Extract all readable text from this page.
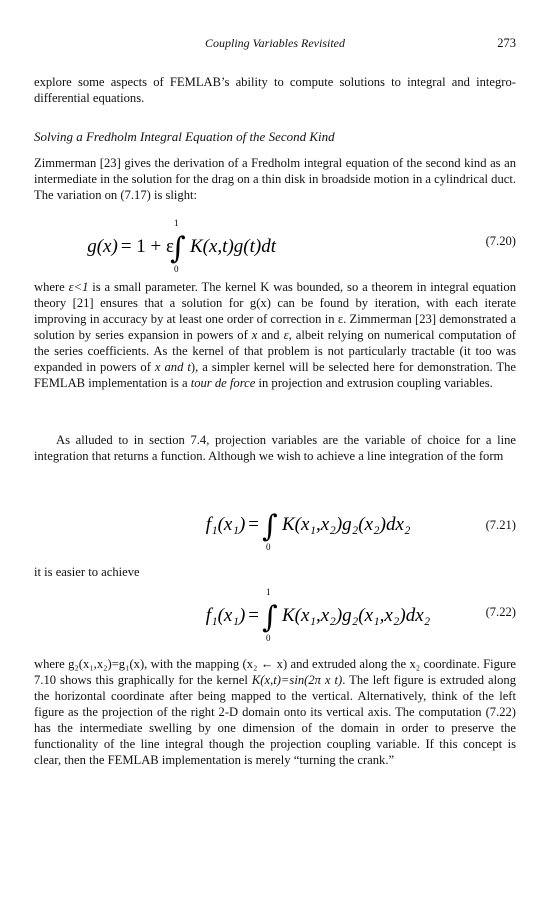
Coupling Variables Revisited	273

explore some aspects of FEMLAB’s ability to compute solutions to integral and integro-differential equations.

Solving a Fredholm Integral Equation of the Second Kind

Zimmerman [23] gives the derivation of a Fredholm integral equation of the second kind as an intermediate in the solution for the drag on a thin disk in broadside motion in a cylindrical duct. The variation on (7.17) is slight:

1
0
∫
g(x) = 1 + ε K(x,t)g(t)dt	(7.20)

where ε<1 is a small parameter. The kernel K was bounded, so a theorem in integral equation theory [21] ensures that a solution for g(x) can be found by iteration, with each iterate improving in accuracy by at least one order of correction in ε. Zimmerman [23] demonstrated a solution by series expansion in powers of x and ε, albeit relying on numerical computation of the series coefficients. As the kernel of that problem is not particularly tractable (it too was expanded in powers of x and t), a simpler kernel will be selected here for demonstration. The FEMLAB implementation is a tour de force in projection and extrusion coupling variables.

As alluded to in section 7.4, projection variables are the variable of choice for a line integration that returns a function. Although we wish to achieve a line integration of the form

0
∫
f₁(x₁) = K(x₁,x₂)g₂(x₂)dx₂	(7.21)

it is easier to achieve

1
0
∫
f₁(x₁) = K(x₁,x₂)g₂(x₁,x₂)dx₂	(7.22)

where g₂(x₁,x₂)=g₁(x), with the mapping (x₂ ← x) and extruded along the x₂ coordinate. Figure 7.10 shows this graphically for the kernel K(x,t)=sin(2π x t). The left figure is extruded along the horizontal coordinate after being mapped to the vertical. Alternatively, think of the left figure as the projection of the right 2-D domain onto its vertical axis. The computation (7.22) has the intermediate swelling by one dimension of the domain in order to preserve the functionality of the line integral though the projection coupling variable. If this concept is clear, then the FEMLAB implementation is merely “turning the crank.”
